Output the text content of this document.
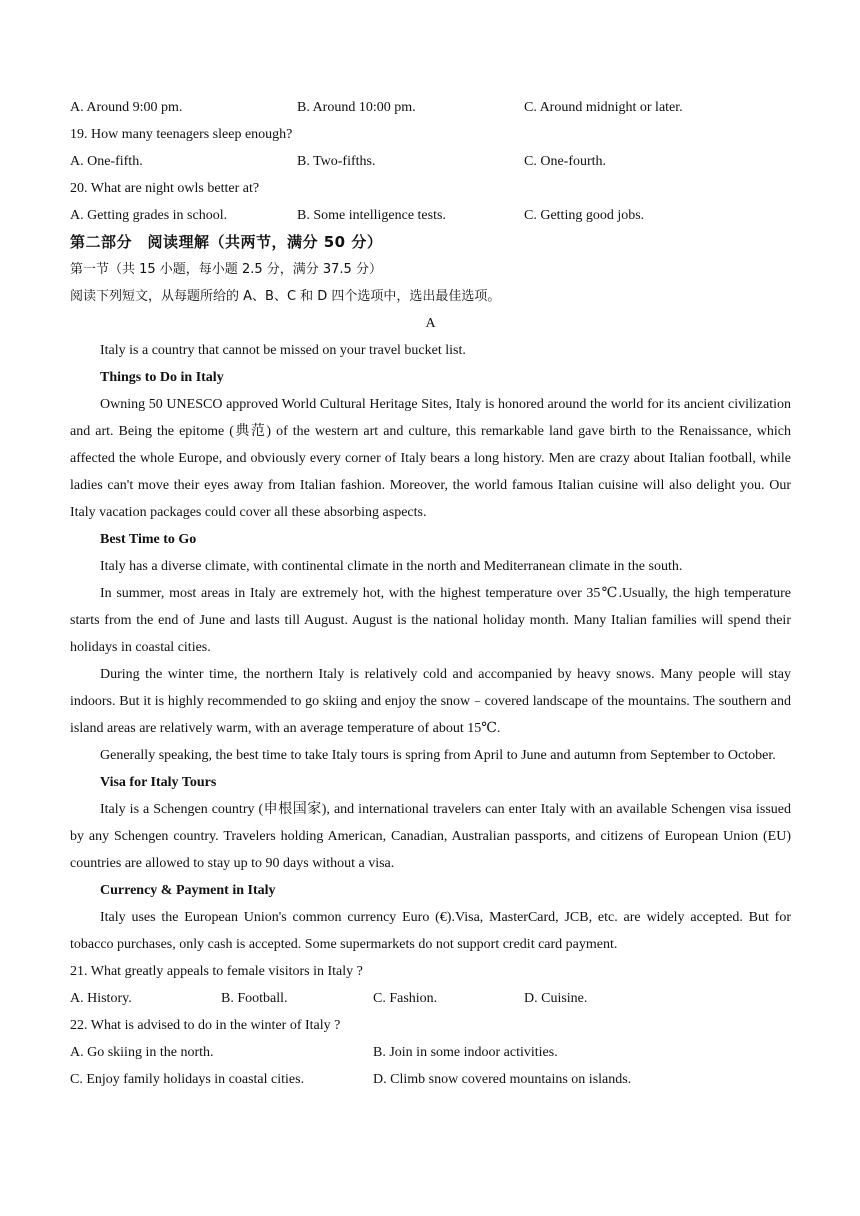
A. Around 9:00 pm.	B. Around 10:00 pm.	C. Around midnight or later.
19. How many teenagers sleep enough?
A. One-fifth.	B. Two-fifths.	C. One-fourth.
20. What are night owls better at?
A. Getting grades in school.	B. Some intelligence tests.	C. Getting good jobs.
第二部分　阅读理解（共两节，满分 50 分）
第一节（共 15 小题，每小题 2.5 分，满分 37.5 分）
阅读下列短文，从每题所给的 A、B、C 和 D 四个选项中，选出最佳选项。
A
Italy is a country that cannot be missed on your travel bucket list.
Things to Do in Italy

Owning 50 UNESCO approved World Cultural Heritage Sites, Italy is honored around the world for its ancient civilization and art. Being the epitome (典范) of the western art and culture, this remarkable land gave birth to the Renaissance, which affected the whole Europe, and obviously every corner of Italy bears a long history. Men are crazy about Italian football, while ladies can't move their eyes away from Italian fashion. Moreover, the world famous Italian cuisine will also delight you. Our Italy vacation packages could cover all these absorbing aspects.

Best Time to Go

Italy has a diverse climate, with continental climate in the north and Mediterranean climate in the south.

In summer, most areas in Italy are extremely hot, with the highest temperature over 35℃.Usually, the high temperature starts from the end of June and lasts till August. August is the national holiday month. Many Italian families will spend their holidays in coastal cities.

During the winter time, the northern Italy is relatively cold and accompanied by heavy snows. Many people will stay indoors. But it is highly recommended to go skiing and enjoy the snow﹣covered landscape of the mountains. The southern and island areas are relatively warm, with an average temperature of about 15℃.

Generally speaking, the best time to take Italy tours is spring from April to June and autumn from September to October.

Visa for Italy Tours

Italy is a Schengen country (申根国家), and international travelers can enter Italy with an available Schengen visa issued by any Schengen country. Travelers holding American, Canadian, Australian passports, and citizens of European Union (EU) countries are allowed to stay up to 90 days without a visa.

Currency & Payment in Italy

Italy uses the European Union's common currency Euro (€).Visa, MasterCard, JCB, etc. are widely accepted. But for tobacco purchases, only cash is accepted. Some supermarkets do not support credit card payment.

21. What greatly appeals to female visitors in Italy ?
A. History.	B. Football.	C. Fashion.	D. Cuisine.
22. What is advised to do in the winter of Italy ?
A. Go skiing in the north.	B. Join in some indoor activities.
C. Enjoy family holidays in coastal cities.	D. Climb snow covered mountains on islands.
